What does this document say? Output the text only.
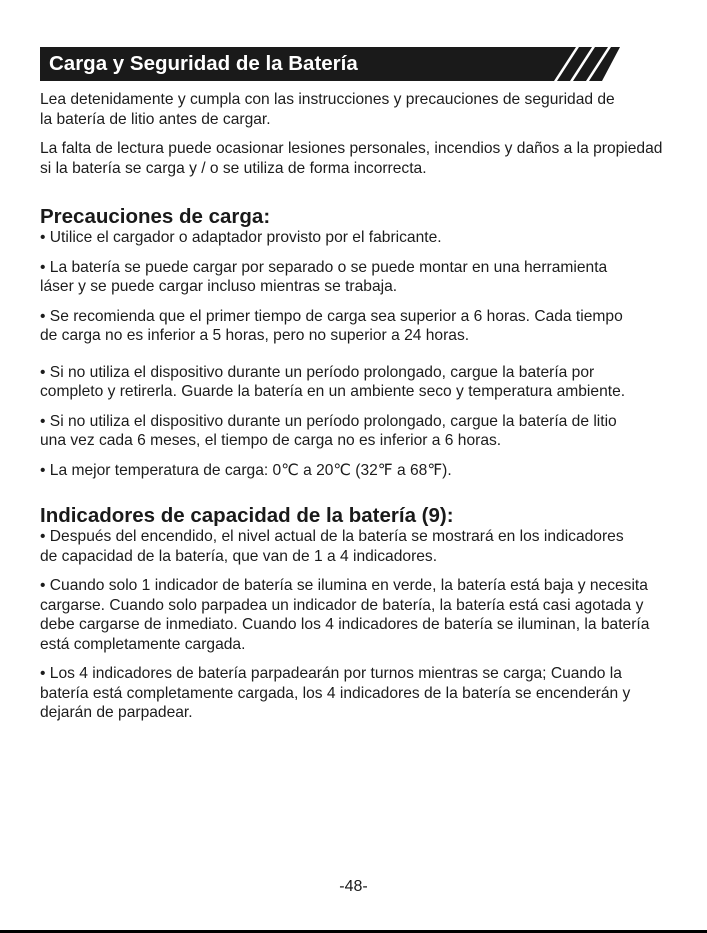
Carga y Seguridad de la Batería

Lea detenidamente y cumpla con las instrucciones y precauciones de seguridad de la batería de litio antes de cargar.

La falta de lectura puede ocasionar lesiones personales, incendios y daños a la propiedad si la batería se carga y / o se utiliza de forma incorrecta.

Precauciones de carga:

• Utilice el cargador o adaptador provisto por el fabricante.

• La batería se puede cargar por separado o se puede montar en una herramienta láser y se puede cargar incluso mientras se trabaja.

• Se recomienda que el primer tiempo de carga sea superior a 6 horas. Cada tiempo de carga no es inferior a 5 horas, pero no superior a 24 horas.

• Si no utiliza el dispositivo durante un período prolongado, cargue la batería por completo y retirerla. Guarde la batería en un ambiente seco y temperatura ambiente.

• Si no utiliza el dispositivo durante un período prolongado, cargue la batería de litio una vez cada 6 meses, el tiempo de carga no es inferior a 6 horas.

• La mejor temperatura de carga: 0℃ a 20℃ (32℉ a 68℉).

Indicadores de capacidad de la batería (9):

• Después del encendido, el nivel actual de la batería se mostrará en los indicadores de capacidad de la batería, que van de 1 a 4 indicadores.

• Cuando solo 1 indicador de batería se ilumina en verde, la batería está baja y necesita cargarse. Cuando solo parpadea un indicador de batería, la batería está casi agotada y debe cargarse de inmediato. Cuando los 4 indicadores de batería se iluminan, la batería está completamente cargada.

• Los 4 indicadores de batería parpadearán por turnos mientras se carga; Cuando la batería está completamente cargada, los 4 indicadores de la batería se encenderán y dejarán de parpadear.

-48-
